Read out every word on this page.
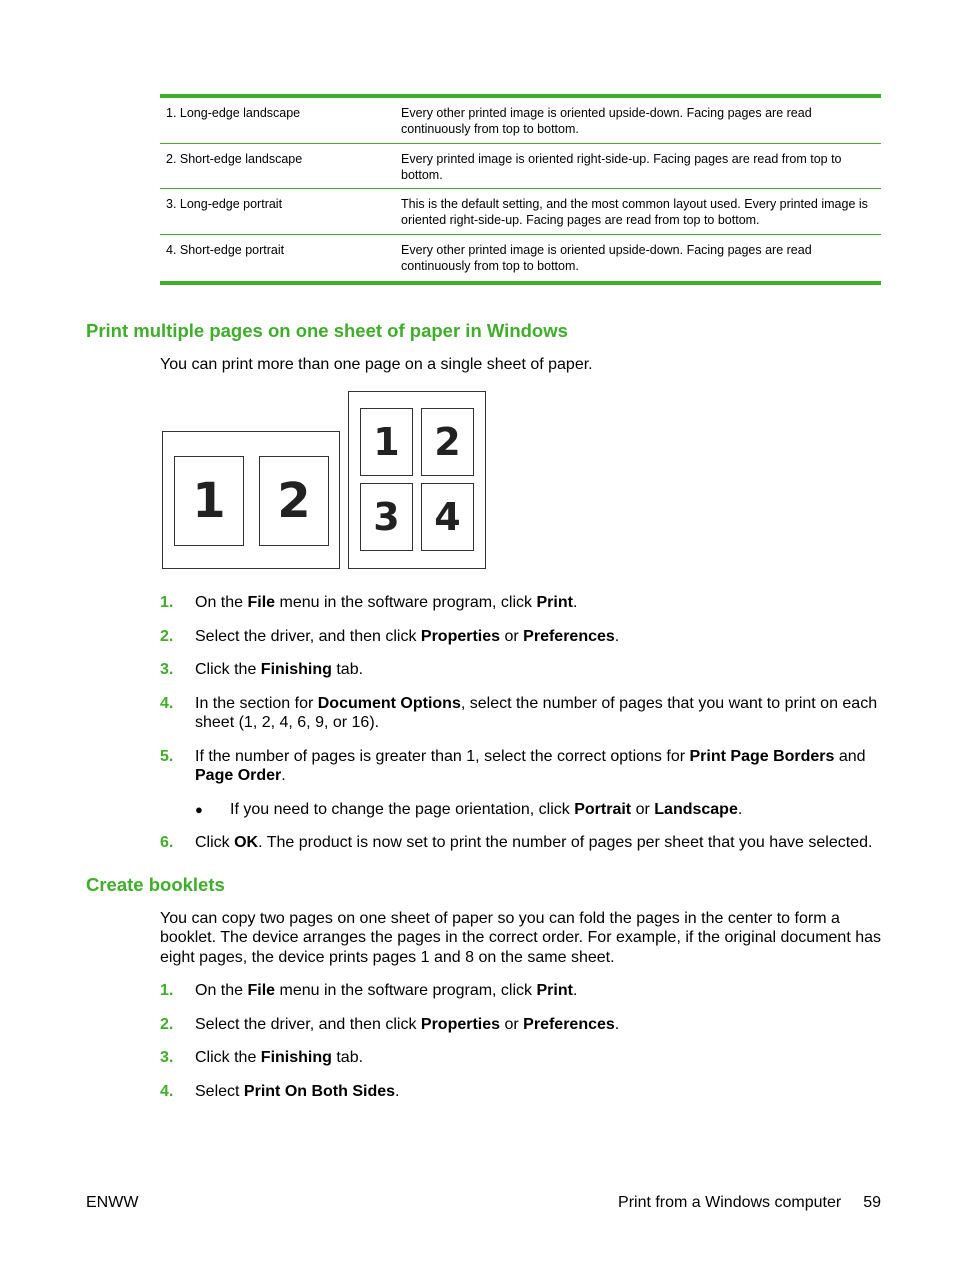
1. Long-edge landscape	Every other printed image is oriented upside-down. Facing pages are read continuously from top to bottom.
2. Short-edge landscape	Every printed image is oriented right-side-up. Facing pages are read from top to bottom.
3. Long-edge portrait	This is the default setting, and the most common layout used. Every printed image is oriented right-side-up. Facing pages are read from top to bottom.
4. Short-edge portrait	Every other printed image is oriented upside-down. Facing pages are read continuously from top to bottom.
Print multiple pages on one sheet of paper in Windows

You can print more than one page on a single sheet of paper.

1	2
1 2
3 4
1. On the File menu in the software program, click Print.
2. Select the driver, and then click Properties or Preferences.
3. Click the Finishing tab.
4. In the section for Document Options, select the number of pages that you want to print on each sheet (1, 2, 4, 6, 9, or 16).
5. If the number of pages is greater than 1, select the correct options for Print Page Borders and Page Order.
● If you need to change the page orientation, click Portrait or Landscape.
6. Click OK. The product is now set to print the number of pages per sheet that you have selected.
Create booklets

You can copy two pages on one sheet of paper so you can fold the pages in the center to form a booklet. The device arranges the pages in the correct order. For example, if the original document has eight pages, the device prints pages 1 and 8 on the same sheet.

1. On the File menu in the software program, click Print.
2. Select the driver, and then click Properties or Preferences.
3. Click the Finishing tab.
4. Select Print On Both Sides.
ENWW	Print from a Windows computer 59
